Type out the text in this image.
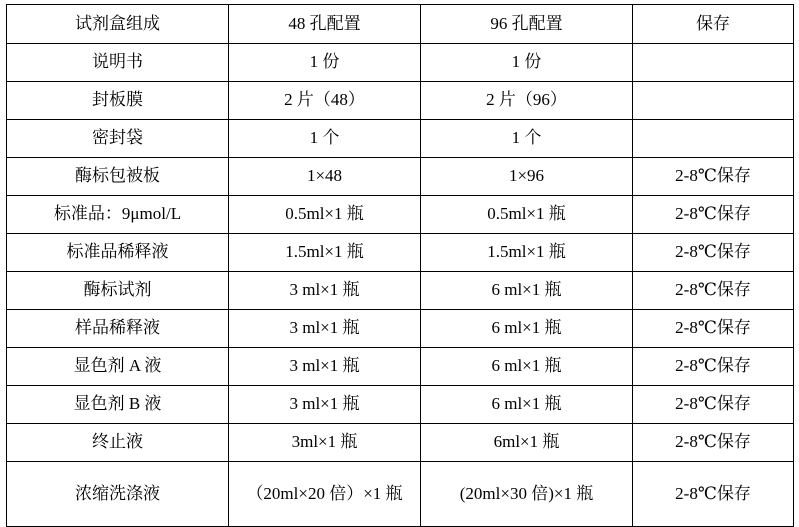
试剂盒组成	48 孔配置	96 孔配置	保存
说明书	1 份	1 份	
封板膜	2 片（48）	2 片（96）	
密封袋	1 个	1 个	
酶标包被板	1×48	1×96	2-8℃保存
标准品：9μmol/L	0.5ml×1 瓶	0.5ml×1 瓶	2-8℃保存
标准品稀释液	1.5ml×1 瓶	1.5ml×1 瓶	2-8℃保存
酶标试剂	3 ml×1 瓶	6 ml×1 瓶	2-8℃保存
样品稀释液	3 ml×1 瓶	6 ml×1 瓶	2-8℃保存
显色剂 A 液	3 ml×1 瓶	6 ml×1 瓶	2-8℃保存
显色剂 B 液	3 ml×1 瓶	6 ml×1 瓶	2-8℃保存
终止液	3ml×1 瓶	6ml×1 瓶	2-8℃保存
浓缩洗涤液	（20ml×20 倍）×1 瓶	(20ml×30 倍)×1 瓶	2-8℃保存
